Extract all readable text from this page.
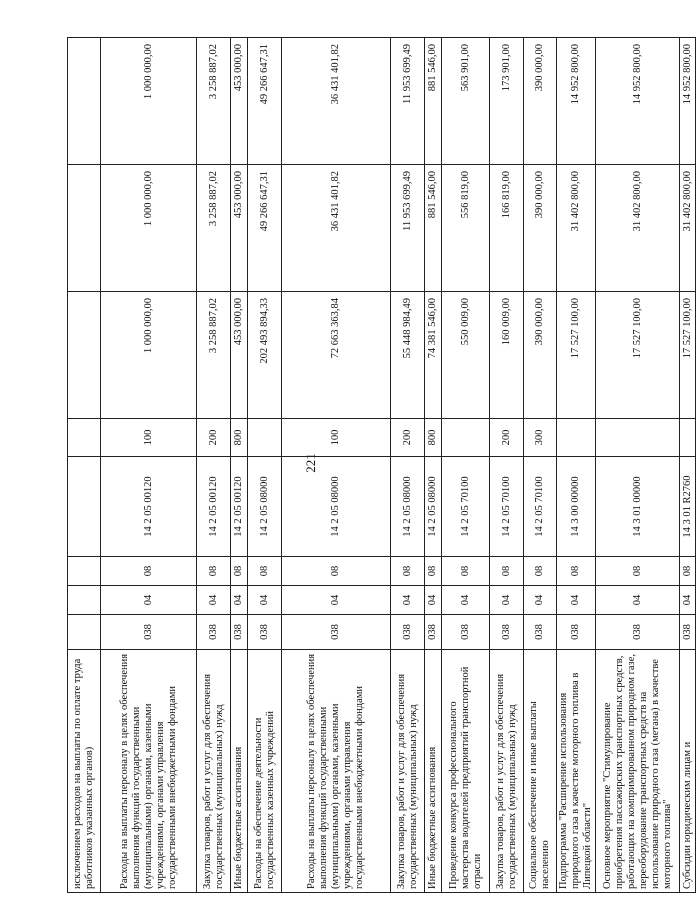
221
исключением расходов на выплаты по оплате труда работников указанных органов)								
Расходы на выплаты персоналу в целях обеспечения выполнения функций государственными (муниципальными) органами, казенными учреждениями, органами управления государственными внебюджетными фондами	038	04	08	14 2 05 00120	100	1 000 000,00	1 000 000,00	1 000 000,00
Закупка товаров, работ и услуг для обеспечения государственных (муниципальных) нужд	038	04	08	14 2 05 00120	200	3 258 887,02	3 258 887,02	3 258 887,02
Иные бюджетные ассигнования	038	04	08	14 2 05 00120	800	453 000,00	453 000,00	453 000,00
Расходы на обеспечение деятельности государственных казенных учреждений	038	04	08	14 2 05 08000		202 493 894,33	49 266 647,31	49 266 647,31
Расходы на выплаты персоналу в целях обеспечения выполнения функций государственными (муниципальными) органами, казенными учреждениями, органами управления государственными внебюджетными фондами	038	04	08	14 2 05 08000	100	72 663 363,84	36 431 401,82	36 431 401,82
Закупка товаров, работ и услуг для обеспечения государственных (муниципальных) нужд	038	04	08	14 2 05 08000	200	55 448 984,49	11 953 699,49	11 953 699,49
Иные бюджетные ассигнования	038	04	08	14 2 05 08000	800	74 381 546,00	881 546,00	881 546,00
Проведение конкурса профессионального мастерства водителей предприятий транспортной отрасли	038	04	08	14 2 05 70100		550 009,00	556 819,00	563 901,00
Закупка товаров, работ и услуг для обеспечения государственных (муниципальных) нужд	038	04	08	14 2 05 70100	200	160 009,00	166 819,00	173 901,00
Социальное обеспечение и иные выплаты населению	038	04	08	14 2 05 70100	300	390 000,00	390 000,00	390 000,00
Подпрограмма "Расширение использования природного газа в качестве моторного топлива в Липецкой области"	038	04	08	14 3 00 00000		17 527 100,00	31 402 800,00	14 952 800,00
Основное мероприятие "Стимулирование приобретения пассажирских транспортных средств, работающих на компримированном природном газе, переоборудование транспортных средств на использование природного газа (метана) в качестве моторного топлива"	038	04	08	14 3 01 00000		17 527 100,00	31 402 800,00	14 952 800,00
Субсидии юридическим лицам и	038	04	08	14 3 01 R2760		17 527 100,00	31 402 800,00	14 952 800,00
